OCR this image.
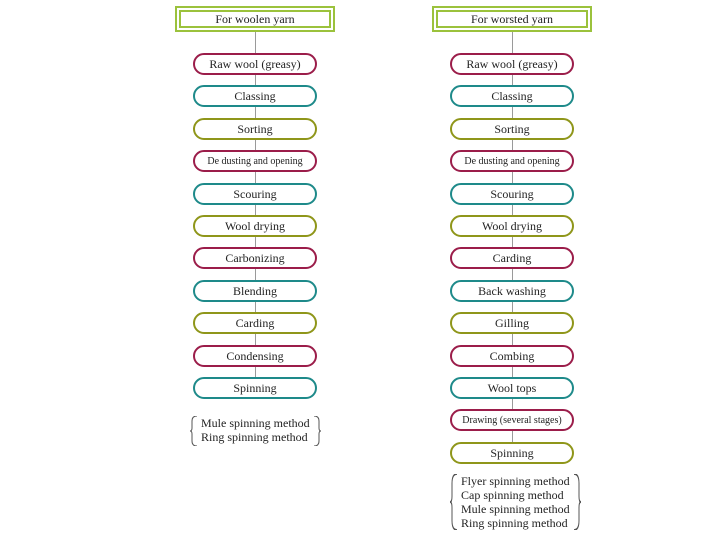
For woolen yarn
Raw wool (greasy)
Classing
Sorting
De dusting and opening
Scouring
Wool drying
Carbonizing
Blending
Carding
Condensing
Spinning
Mule spinning method
Ring spinning method
For worsted yarn
Raw wool (greasy)
Classing
Sorting
De dusting and opening
Scouring
Wool drying
Carding
Back washing
Gilling
Combing
Wool tops
Drawing (several stages)
Spinning
Flyer spinning method
Cap spinning method
Mule spinning method
Ring spinning method
